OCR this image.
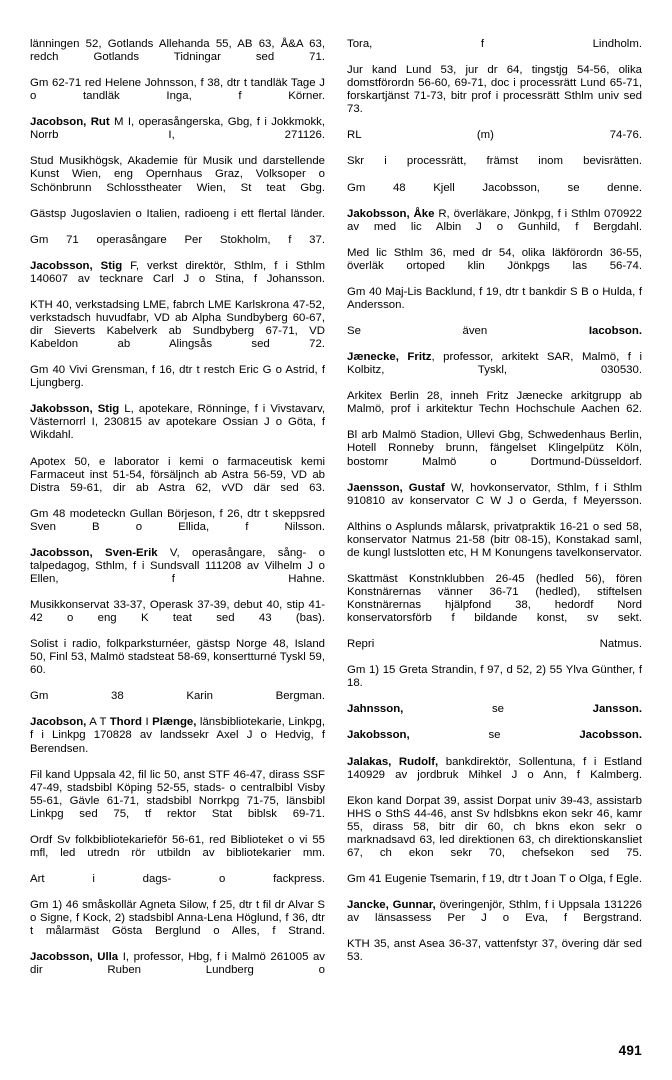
länningen 52, Gotlands Allehanda 55, AB 63, Å&A 63, redch Gotlands Tidningar sed 71.

Gm 62-71 red Helene Johnsson, f 38, dtr t tandläk Tage J o tandläk Inga, f Körner.

Jacobson, Rut M I, operasångerska, Gbg, f i Jokkmokk, Norrb I, 271126.

Stud Musikhögsk, Akademie für Musik und darstellende Kunst Wien, eng Opernhaus Graz, Volksoper o Schönbrunn Schlosstheater Wien, St teat Gbg.

Gästsp Jugoslavien o Italien, radioeng i ett flertal länder.

Gm 71 operasångare Per Stokholm, f 37.

Jacobsson, Stig F, verkst direktör, Sthlm, f i Sthlm 140607 av tecknare Carl J o Stina, f Johansson.

KTH 40, verkstadsing LME, fabrch LME Karlskrona 47-52, verkstadsch huvudfabr, VD ab Alpha Sundbyberg 60-67, dir Sieverts Kabelverk ab Sundbyberg 67-71, VD Kabeldon ab Alingsås sed 72.

Gm 40 Vivi Grensman, f 16, dtr t restch Eric G o Astrid, f Ljungberg.

Jakobsson, Stig L, apotekare, Rönninge, f i Vivstavarv, Västernorrl I, 230815 av apotekare Ossian J o Göta, f Wikdahl.

Apotex 50, e laborator i kemi o farmaceutisk kemi Farmaceut inst 51-54, försäljnch ab Astra 56-59, VD ab Distra 59-61, dir ab Astra 62, vVD där sed 63.

Gm 48 modeteckn Gullan Börjeson, f 26, dtr t skeppsred Sven B o Ellida, f Nilsson.

Jacobsson, Sven-Erik V, operasångare, sång- o talpedagog, Sthlm, f i Sundsvall 111208 av Vilhelm J o Ellen, f Hahne.

Musikkonservat 33-37, Operask 37-39, debut 40, stip 41-42 o eng K teat sed 43 (bas).

Solist i radio, folkparksturnéer, gästsp Norge 48, Island 50, Finl 53, Malmö stadsteat 58-69, konsertturné Tyskl 59, 60.

Gm 38 Karin Bergman.

Jacobson, A T Thord I Plænge, länsbibliotekarie, Linkpg, f i Linkpg 170828 av landssekr Axel J o Hedvig, f Berendsen.

Fil kand Uppsala 42, fil lic 50, anst STF 46-47, dirass SSF 47-49, stadsbibl Köping 52-55, stads- o centralbibl Visby 55-61, Gävle 61-71, stadsbibl Norrkpg 71-75, länsbibl Linkpg sed 75, tf rektor Stat biblsk 69-71.

Ordf Sv folkbibliotekarieför 56-61, red Biblioteket o vi 55 mfl, led utredn rör utbildn av bibliotekarier mm.

Art i dags- o fackpress.

Gm 1) 46 småskollär Agneta Silow, f 25, dtr t fil dr Alvar S o Signe, f Kock, 2) stadsbibl Anna-Lena Höglund, f 36, dtr t målarmäst Gösta Berglund o Alles, f Strand.

Jacobsson, Ulla I, professor, Hbg, f i Malmö 261005 av dir Ruben Lundberg o

Tora, f Lindholm.

Jur kand Lund 53, jur dr 64, tingstjg 54-56, olika domstförordn 56-60, 69-71, doc i processrätt Lund 65-71, forskartjänst 71-73, bitr prof i processrätt Sthlm univ sed 73.

RL (m) 74-76.

Skr i processrätt, främst inom bevisrätten.

Gm 48 Kjell Jacobsson, se denne.

Jakobsson, Åke R, överläkare, Jönkpg, f i Sthlm 070922 av med lic Albin J o Gunhild, f Bergdahl.

Med lic Sthlm 36, med dr 54, olika läkförordn 36-55, överläk ortoped klin Jönkpgs las 56-74.

Gm 40 Maj-Lis Backlund, f 19, dtr t bankdir S B o Hulda, f Andersson.

Se även Iacobson.

Jænecke, Fritz, professor, arkitekt SAR, Malmö, f i Kolbitz, Tyskl, 030530.

Arkitex Berlin 28, inneh Fritz Jænecke arkitgrupp ab Malmö, prof i arkitektur Techn Hochschule Aachen 62.

Bl arb Malmö Stadion, Ullevi Gbg, Schwedenhaus Berlin, Hotell Ronneby brunn, fängelset Klingelpütz Köln, bostomr Malmö o Dortmund-Düsseldorf.

Jaensson, Gustaf W, hovkonservator, Sthlm, f i Sthlm 910810 av konservator C W J o Gerda, f Meyersson.

Althins o Asplunds målarsk, privatpraktik 16-21 o sed 58, konservator Natmus 21-58 (bitr 08-15), Konstakad saml, de kungl lustslotten etc, H M Konungens tavelkonservator.

Skattmäst Konstnklubben 26-45 (hedled 56), fören Konstnärernas vänner 36-71 (hedled), stiftelsen Konstnärernas hjälpfond 38, hedordf Nord konservatorsförb f bildande konst, sv sekt.

Repri Natmus.

Gm 1) 15 Greta Strandin, f 97, d 52, 2) 55 Ylva Günther, f 18.

Jahnsson, se Jansson.

Jakobsson, se Jacobsson.

Jalakas, Rudolf, bankdirektör, Sollentuna, f i Estland 140929 av jordbruk Mihkel J o Ann, f Kalmberg.

Ekon kand Dorpat 39, assist Dorpat univ 39-43, assistarb HHS o SthS 44-46, anst Sv hdlsbkns ekon sekr 46, kamr 55, dirass 58, bitr dir 60, ch bkns ekon sekr o marknadsavd 63, led direktionen 63, ch direktionskansliet 67, ch ekon sekr 70, chefsekon sed 75.

Gm 41 Eugenie Tsemarin, f 19, dtr t Joan T o Olga, f Egle.

Jancke, Gunnar, överingenjör, Sthlm, f i Uppsala 131226 av länsassess Per J o Eva, f Bergstrand.

KTH 35, anst Asea 36-37, vattenfstyr 37, övering där sed 53.

491
